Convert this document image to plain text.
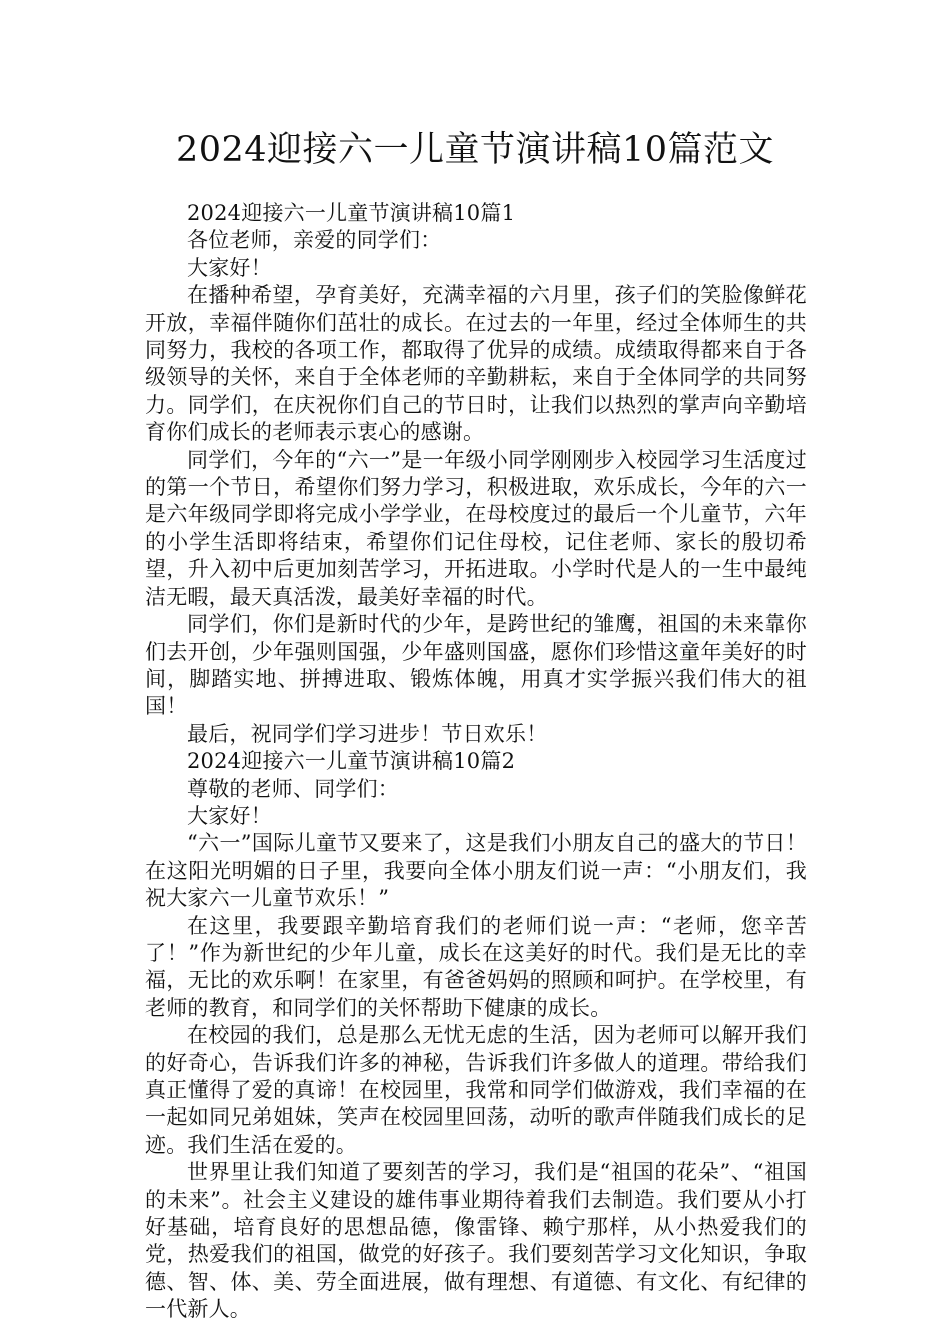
2024迎接六一儿童节演讲稿10篇范文

2024迎接六一儿童节演讲稿10篇1

各位老师，亲爱的同学们：

大家好！

在播种希望，孕育美好，充满幸福的六月里，孩子们的笑脸像鲜花开放，幸福伴随你们茁壮的成长。在过去的一年里，经过全体师生的共同努力，我校的各项工作，都取得了优异的成绩。成绩取得都来自于各级领导的关怀，来自于全体老师的辛勤耕耘，来自于全体同学的共同努力。同学们，在庆祝你们自己的节日时，让我们以热烈的掌声向辛勤培育你们成长的老师表示衷心的感谢。

同学们，今年的“六一”是一年级小同学刚刚步入校园学习生活度过的第一个节日，希望你们努力学习，积极进取，欢乐成长，今年的六一是六年级同学即将完成小学学业，在母校度过的最后一个儿童节，六年的小学生活即将结束，希望你们记住母校，记住老师、家长的殷切希望，升入初中后更加刻苦学习，开拓进取。小学时代是人的一生中最纯洁无暇，最天真活泼，最美好幸福的时代。

同学们，你们是新时代的少年，是跨世纪的雏鹰，祖国的未来靠你们去开创，少年强则国强，少年盛则国盛，愿你们珍惜这童年美好的时间，脚踏实地、拼搏进取、锻炼体魄，用真才实学振兴我们伟大的祖国！

最后，祝同学们学习进步！节日欢乐！

2024迎接六一儿童节演讲稿10篇2

尊敬的老师、同学们：

大家好！

“六一”国际儿童节又要来了，这是我们小朋友自己的盛大的节日！在这阳光明媚的日子里，我要向全体小朋友们说一声：“小朋友们，我祝大家六一儿童节欢乐！”

在这里，我要跟辛勤培育我们的老师们说一声：“老师，您辛苦了！”作为新世纪的少年儿童，成长在这美好的时代。我们是无比的幸福，无比的欢乐啊！在家里，有爸爸妈妈的照顾和呵护。在学校里，有老师的教育，和同学们的关怀帮助下健康的成长。

在校园的我们，总是那么无忧无虑的生活，因为老师可以解开我们的好奇心，告诉我们许多的神秘，告诉我们许多做人的道理。带给我们真正懂得了爱的真谛！在校园里，我常和同学们做游戏，我们幸福的在一起如同兄弟姐妹，笑声在校园里回荡，动听的歌声伴随我们成长的足迹。我们生活在爱的。

世界里让我们知道了要刻苦的学习，我们是“祖国的花朵”、“祖国的未来”。社会主义建设的雄伟事业期待着我们去制造。我们要从小打好基础，培育良好的思想品德，像雷锋、赖宁那样，从小热爱我们的党，热爱我们的祖国，做党的好孩子。我们要刻苦学习文化知识，争取德、智、体、美、劳全面进展，做有理想、有道德、有文化、有纪律的一代新人。
